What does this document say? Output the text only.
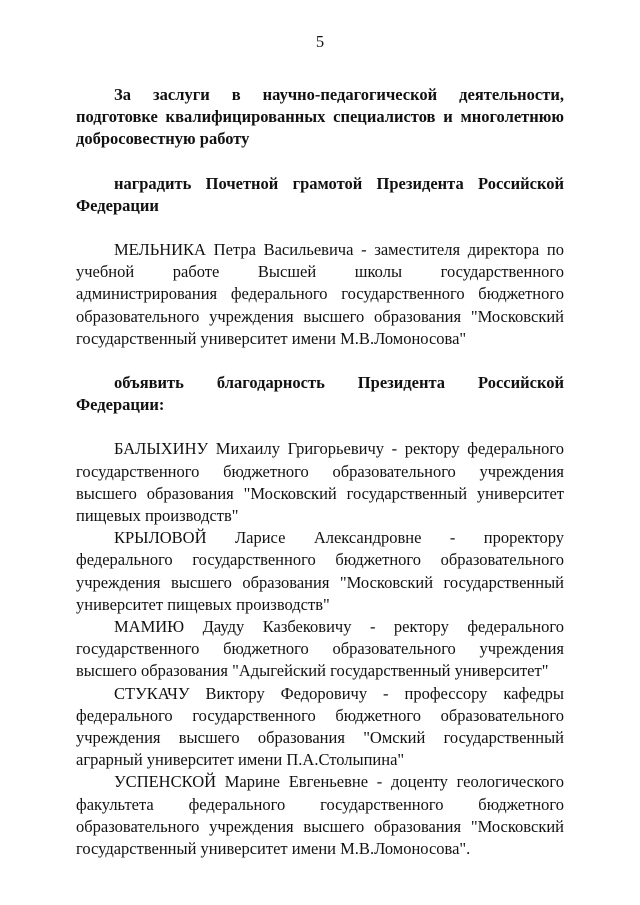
5

За заслуги в научно-педагогической деятельности, подготовке квалифицированных специалистов и многолетнюю добросовестную работу

наградить Почетной грамотой Президента Российской Федерации

МЕЛЬНИКА Петра Васильевича - заместителя директора по учебной работе Высшей школы государственного администрирования федерального государственного бюджетного образовательного учреждения высшего образования "Московский государственный университет имени М.В.Ломоносова"

объявить благодарность Президента Российской Федерации:

БАЛЫХИНУ Михаилу Григорьевичу - ректору федерального государственного бюджетного образовательного учреждения высшего образования "Московский государственный университет пищевых производств"

КРЫЛОВОЙ Ларисе Александровне - проректору федерального государственного бюджетного образовательного учреждения высшего образования "Московский государственный университет пищевых производств"

МАМИЮ Дауду Казбековичу - ректору федерального государственного бюджетного образовательного учреждения высшего образования "Адыгейский государственный университет"

СТУКАЧУ Виктору Федоровичу - профессору кафедры федерального государственного бюджетного образовательного учреждения высшего образования "Омский государственный аграрный университет имени П.А.Столыпина"

УСПЕНСКОЙ Марине Евгеньевне - доценту геологического факультета федерального государственного бюджетного образовательного учреждения высшего образования "Московский государственный университет имени М.В.Ломоносова".
